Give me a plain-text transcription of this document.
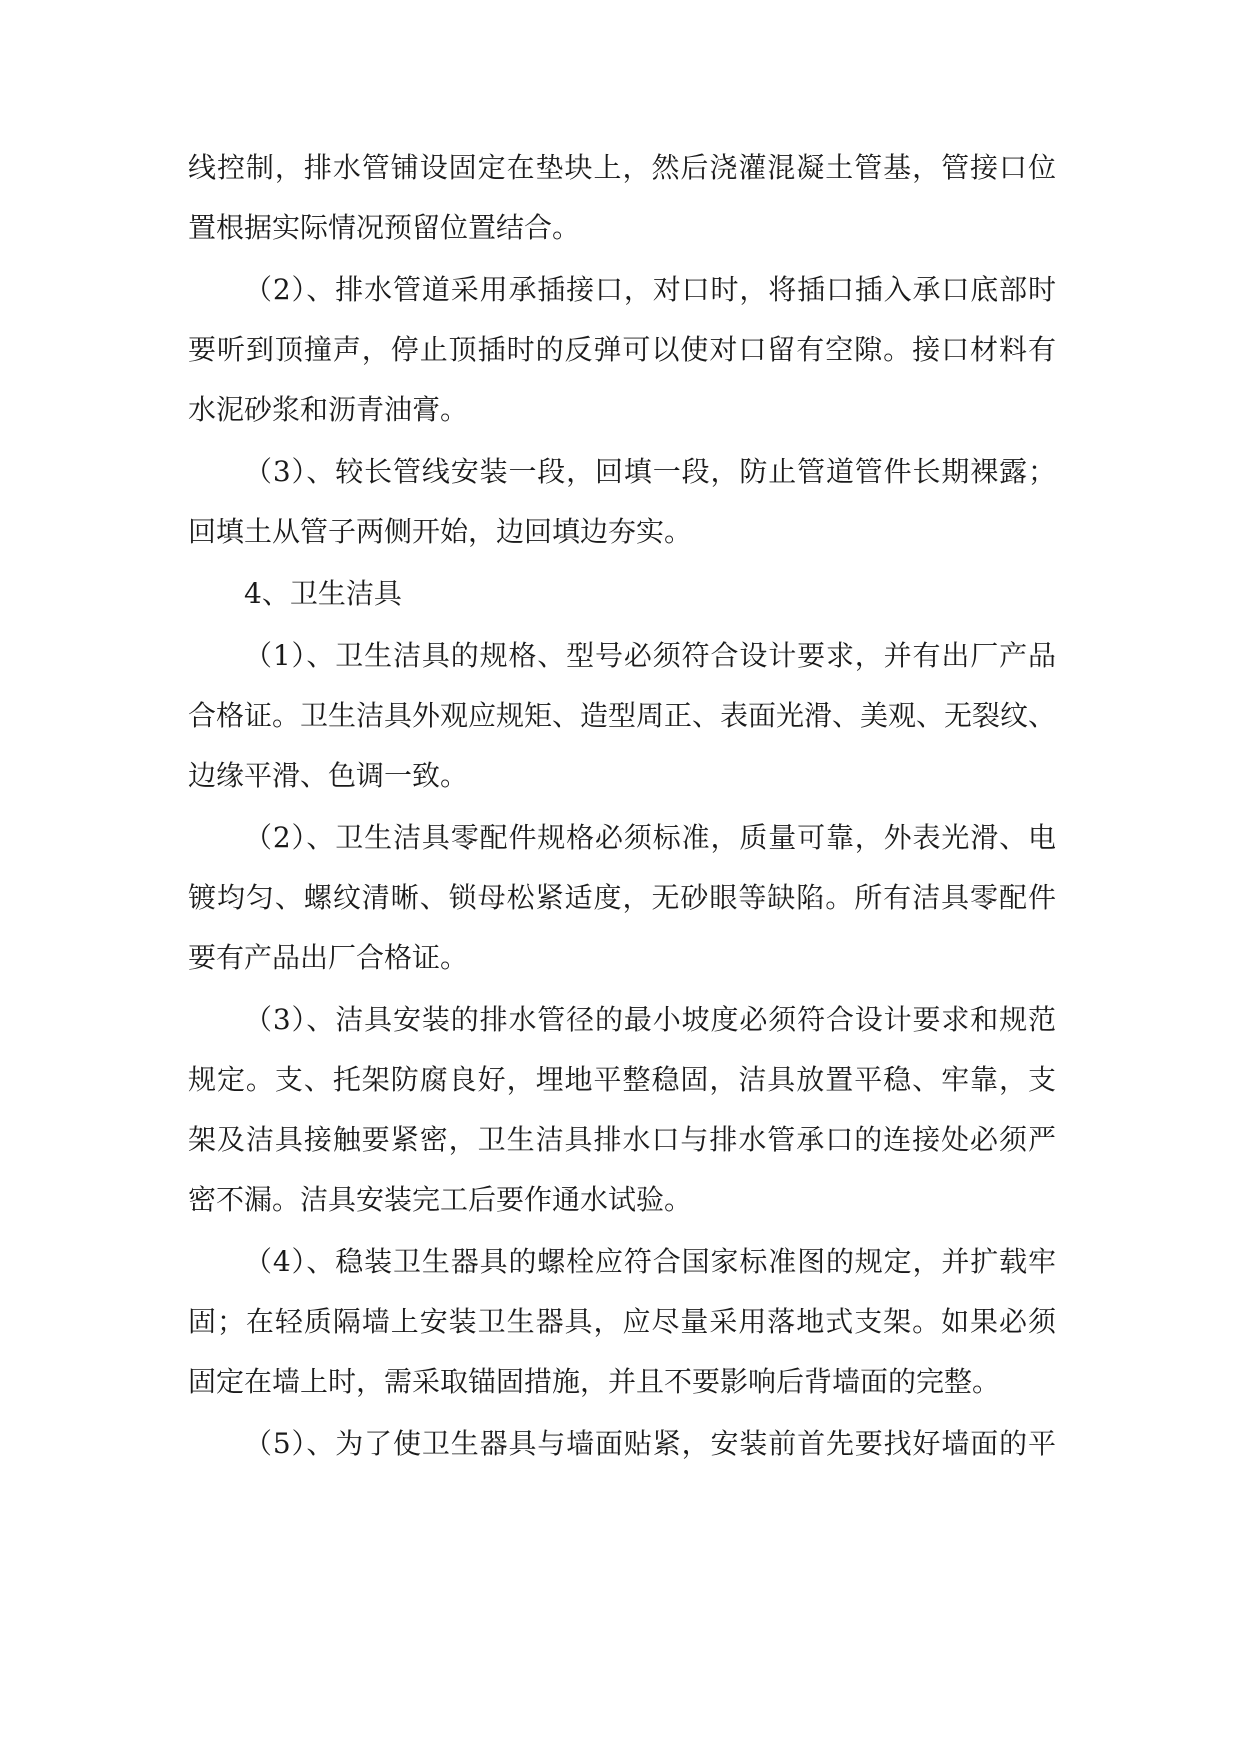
线控制，排水管铺设固定在垫块上，然后浇灌混凝土管基，管接口位
置根据实际情况预留位置结合。
（2）、排水管道采用承插接口，对口时，将插口插入承口底部时
要听到顶撞声，停止顶插时的反弹可以使对口留有空隙。接口材料有
水泥砂浆和沥青油膏。
（3）、较长管线安装一段，回填一段，防止管道管件长期裸露；
回填土从管子两侧开始，边回填边夯实。
4、卫生洁具
（1）、卫生洁具的规格、型号必须符合设计要求，并有出厂产品
合格证。卫生洁具外观应规矩、造型周正、表面光滑、美观、无裂纹、
边缘平滑、色调一致。
（2）、卫生洁具零配件规格必须标准，质量可靠，外表光滑、电
镀均匀、螺纹清晰、锁母松紧适度，无砂眼等缺陷。所有洁具零配件
要有产品出厂合格证。
（3）、洁具安装的排水管径的最小坡度必须符合设计要求和规范
规定。支、托架防腐良好，埋地平整稳固，洁具放置平稳、牢靠，支
架及洁具接触要紧密，卫生洁具排水口与排水管承口的连接处必须严
密不漏。洁具安装完工后要作通水试验。
（4）、稳装卫生器具的螺栓应符合国家标准图的规定，并扩载牢
固；在轻质隔墙上安装卫生器具，应尽量采用落地式支架。如果必须
固定在墙上时，需采取锚固措施，并且不要影响后背墙面的完整。
（5）、为了使卫生器具与墙面贴紧，安装前首先要找好墙面的平
